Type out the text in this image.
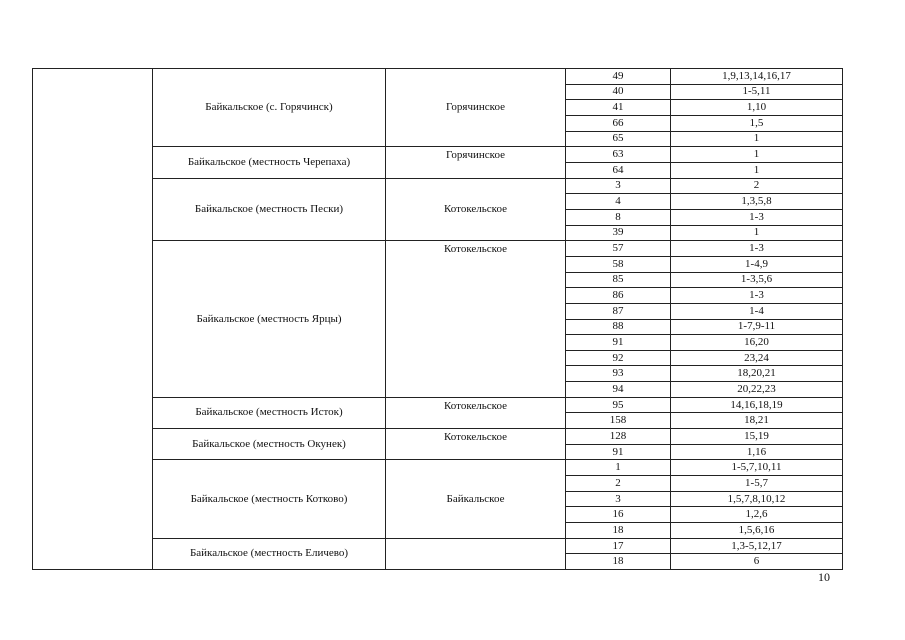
	Байкальское (с. Горячинск)	Горячинское	49	1,9,13,14,16,17
			40	1-5,11
			41	1,10
			66	1,5
			65	1
	Байкальское (местность Черепаха)	Горячинское	63	1
			64	1
	Байкальское (местность Пески)	Котокельское	3	2
			4	1,3,5,8
			8	1-3
			39	1
	Байкальское (местность Ярцы)	Котокельское	57	1-3
			58	1-4,9
			85	1-3,5,6
			86	1-3
			87	1-4
			88	1-7,9-11
			91	16,20
			92	23,24
			93	18,20,21
			94	20,22,23
	Байкальское (местность Исток)	Котокельское	95	14,16,18,19
			158	18,21
	Байкальское (местность Окунек)	Котокельское	128	15,19
			91	1,16
	Байкальское (местность Котково)	Байкальское	1	1-5,7,10,11
			2	1-5,7
			3	1,5,7,8,10,12
			16	1,2,6
			18	1,5,6,16
	Байкальское (местность Еличево)		17	1,3-5,12,17
			18	6
10
